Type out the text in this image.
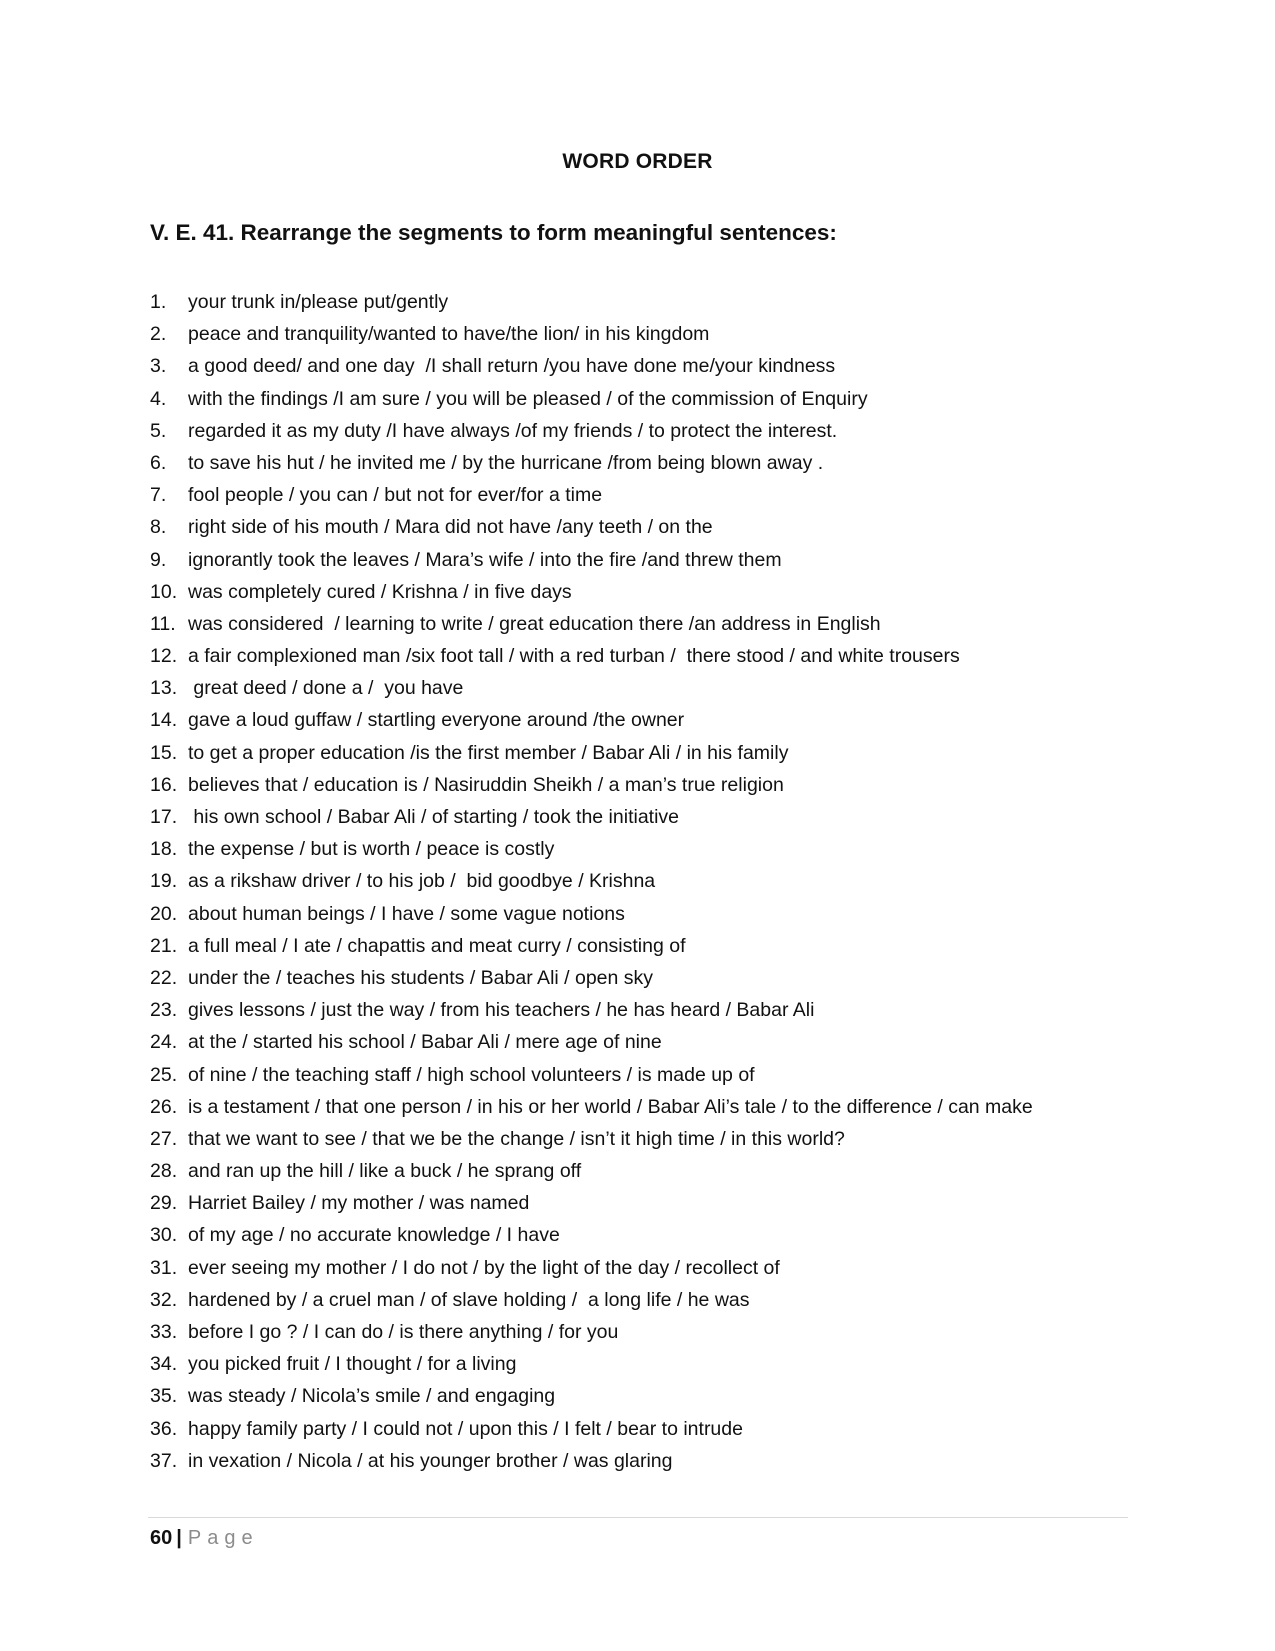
WORD ORDER
V. E. 41. Rearrange the segments to form meaningful sentences:
1.	your trunk in/please put/gently
2.	peace and tranquility/wanted to have/the lion/ in his kingdom
3.	a good deed/ and one day  /I shall return /you have done me/your kindness
4.	with the findings /I am sure / you will be pleased / of the commission of Enquiry
5.	regarded it as my duty /I have always /of my friends / to protect the interest.
6.	to save his hut / he invited me / by the hurricane /from being blown away .
7.	fool people / you can / but not for ever/for a time
8.	right side of his mouth / Mara did not have /any teeth / on the
9.	ignorantly took the leaves / Mara’s wife / into the fire /and threw them
10. was completely cured / Krishna / in five days
11. was considered  / learning to write / great education there /an address in English
12. a fair complexioned man /six foot tall / with a red turban /  there stood / and white trousers
13. great deed / done a /  you have
14. gave a loud guffaw / startling everyone around /the owner
15. to get a proper education /is the first member / Babar Ali / in his family
16. believes that / education is / Nasiruddin Sheikh / a man’s true religion
17. his own school / Babar Ali / of starting / took the initiative
18. the expense / but is worth / peace is costly
19. as a rikshaw driver / to his job /  bid goodbye / Krishna
20. about human beings / I have / some vague notions
21. a full meal / I ate / chapattis and meat curry / consisting of
22. under the / teaches his students / Babar Ali / open sky
23. gives lessons / just the way / from his teachers / he has heard / Babar Ali
24. at the / started his school / Babar Ali / mere age of nine
25. of nine / the teaching staff / high school volunteers / is made up of
26. is a testament / that one person / in his or her world / Babar Ali’s tale / to the difference / can make
27. that we want to see / that we be the change / isn’t it high time / in this world?
28. and ran up the hill / like a buck / he sprang off
29. Harriet Bailey / my mother / was named
30. of my age / no accurate knowledge / I have
31. ever seeing my mother / I do not / by the light of the day / recollect of
32. hardened by / a cruel man / of slave holding /  a long life / he was
33. before I go ? / I can do / is there anything / for you
34. you picked fruit / I thought / for a living
35. was steady / Nicola’s smile / and engaging
36. happy family party / I could not / upon this / I felt / bear to intrude
37. in vexation / Nicola / at his younger brother / was glaring
60 | Page
